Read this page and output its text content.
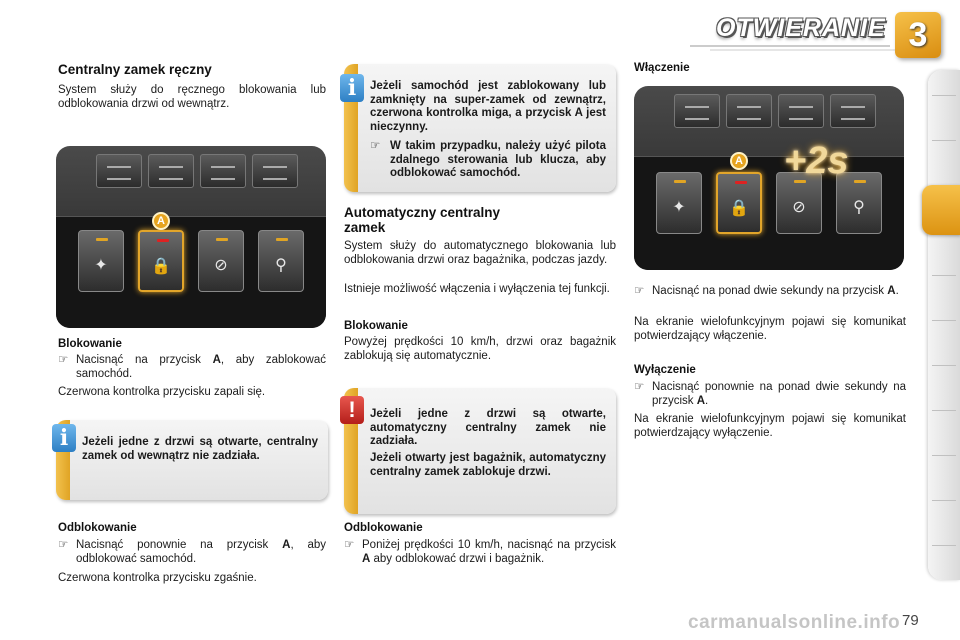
OTWIERANIE 3
Centralny zamek ręczny
System służy do ręcznego blokowania lub odblokowania drzwi od wewnątrz.
✦	🔒	⊘	⚲
A
Blokowanie
☞ Nacisnąć na przycisk A, aby zablokować samochód.
Czerwona kontrolka przycisku zapali się.
Jeżeli jedne z drzwi są otwarte, centralny zamek od wewnątrz nie zadziała.
i
Odblokowanie
☞ Nacisnąć ponownie na przycisk A, aby odblokować samochód.
Czerwona kontrolka przycisku zgaśnie.
Jeżeli samochód jest zablokowany lub zamknięty na super-zamek od zewnątrz, czerwona kontrolka miga, a przycisk A jest nieczynny.
☞ W takim przypadku, należy użyć pilota zdalnego sterowania lub klucza, aby odblokować samochód.
i
Automatyczny centralny
zamek
System służy do automatycznego blokowania lub odblokowania drzwi oraz bagażnika, podczas jazdy.
Istnieje możliwość włączenia i wyłączenia tej funkcji.
Blokowanie
Powyżej prędkości 10 km/h, drzwi oraz bagażnik zablokują się automatycznie.
Jeżeli jedne z drzwi są otwarte, automatyczny centralny zamek nie zadziała.
Jeżeli otwarty jest bagażnik, automatyczny centralny zamek zablokuje drzwi.
!
Odblokowanie
☞ Poniżej prędkości 10 km/h, nacisnąć na przycisk A aby odblokować drzwi i bagażnik.
Włączenie
✦	🔒	⊘	⚲
A +2s
☞ Nacisnąć na ponad dwie sekundy na przycisk A.
Na ekranie wielofunkcyjnym pojawi się komunikat potwierdzający włączenie.
Wyłączenie
☞ Nacisnąć ponownie na ponad dwie sekundy na przycisk A.
Na ekranie wielofunkcyjnym pojawi się komunikat potwierdzający wyłączenie.
carmanualsonline.info 79
